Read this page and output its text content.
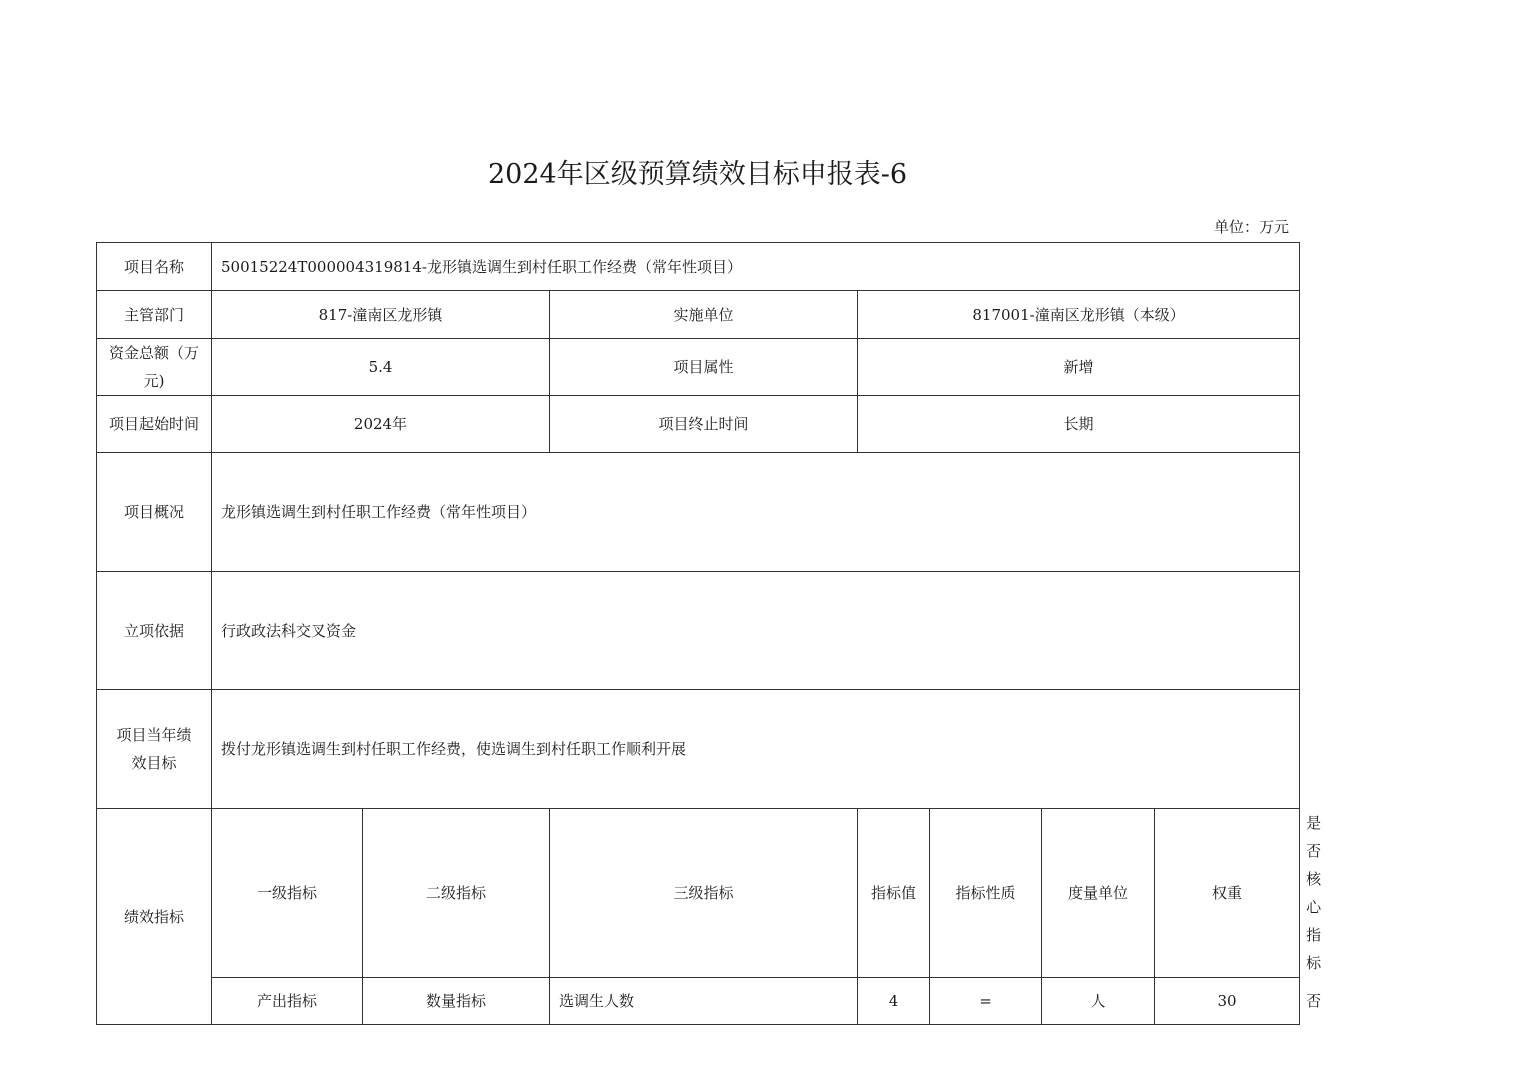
2024年区级预算绩效目标申报表-6
单位：万元
项目名称	50015224T000004319814-龙形镇选调生到村任职工作经费（常年性项目）							
主管部门	817-潼南区龙形镇		实施单位	817001-潼南区龙形镇（本级）				
资金总额（万元)	5.4		项目属性	新增				
项目起始时间	2024年		项目终止时间	长期				
项目概况	龙形镇选调生到村任职工作经费（常年性项目）							
立项依据	行政政法科交叉资金							
项目当年绩效目标	拨付龙形镇选调生到村任职工作经费，使选调生到村任职工作顺利开展							
绩效指标	一级指标	二级指标	三级指标	指标值	指标性质	度量单位	权重	是否核心指标
	产出指标	数量指标	选调生人数	4	=	人	30	否
